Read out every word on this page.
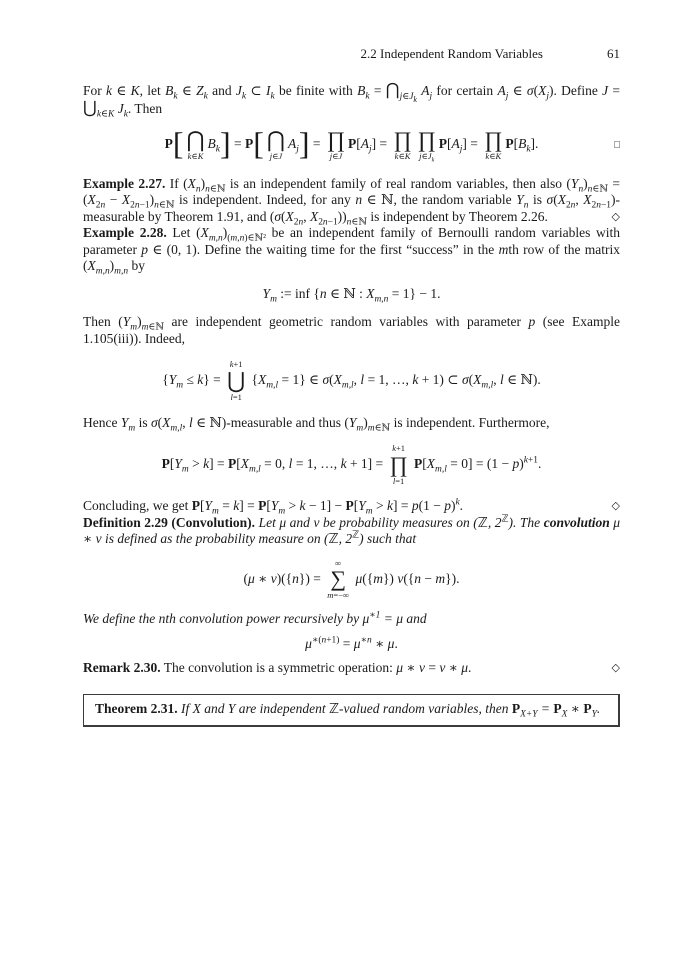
2.2 Independent Random Variables	61

For k ∈ K, let $B_k$ ∈ $Z_k$ and $J_k$ ⊂ $I_k$ be finite with $B_k$ = $⋂_{j\in J_k}$ $A_j$ for certain $A_j$ ∈ $\sigma(X_j)$. Define $J = ⋃_{k\in K}$ $J_k$. Then

P[ ⋂
k∈K
$B_k] = P$[ ⋂
j∈J
$A_j$] = ∏
j∈J
$P[A_j]$ = ∏
k∈K
∏
$j\in J_k$
$P[A_j]$ = ∏
k∈K
$P[B_k]$.	□

Example 2.27. If $(X_n)_{n\in ℕ}$ is an independent family of real random variables, then also $(Y_n)_{n\in ℕ} = (X_{2n} - X_{2n-1})_{n\in ℕ}$ is independent. Indeed, for any n ∈ ℕ, the random variable $Y_n$ is $\sigma(X_{2n}$, $X_{2n-1}$)-measurable by Theorem 1.91, and ($\sigma(X_{2n}$, $X_{2n-1}))_{n\in ℕ}$ is independent by Theorem 2.26.	◇

Example 2.28. Let $(X_{m,n})_{(m,n)\in ℕ^2}$ be an independent family of Bernoulli random variables with parameter p ∈ (0, 1). Define the waiting time for the first “success” in the mth row of the matrix $(X_{m,n})_{m,n}$ by

$Y_m$ := inf {n ∈ ℕ : $X_{m,n} = 1\} - 1$.

Then $(Y_m)_{m\in ℕ}$ are independent geometric random variables with parameter p (see Example 1.105(iii)). Indeed,

$\{Y_m \le k\}$ =
k+1
⋃
l=1
$\{X_{m,l} = 1\}$ ∈ $\sigma(X_{m,l}$, l = 1, …, k + 1) ⊂ $\sigma(X_{m,l}$, l ∈ ℕ).

Hence $Y_m$ is $\sigma(X_{m,l}$, l ∈ ℕ)-measurable and thus $(Y_m)_{m\in ℕ}$ is independent. Furthermore,

$P[Y_m > k] = P[X_{m,l} = 0$, l = 1, …, k + 1] =
k+1
∏
l=1
$P[X_{m,l} = 0] = (1 - p)^{k+1}$.

Concluding, we get $P[Y_m = k] = P[Y_m > k - 1] - P[Y_m > k] = p(1 - p)^k$.	◇

Definition 2.29 (Convolution). Let μ and ν be probability measures on (ℤ, $2^ℤ$). The convolution μ ∗ ν is defined as the probability measure on (ℤ, $2^ℤ$) such that

(μ ∗ ν)({n}) =
∞
∑
m=−∞
μ({m}) ν({n − m}).

We define the nth convolution power recursively by $\mu^{∗1} = \mu$ and

$\mu^{∗(n+1)} = \mu^{∗n}$ ∗ μ.

Remark 2.30. The convolution is a symmetric operation: μ ∗ ν = ν ∗ μ.	◇

Theorem 2.31. If X and Y are independent ℤ-valued random variables, then $P_{X+Y} = P_X$ ∗ $P_Y$.
